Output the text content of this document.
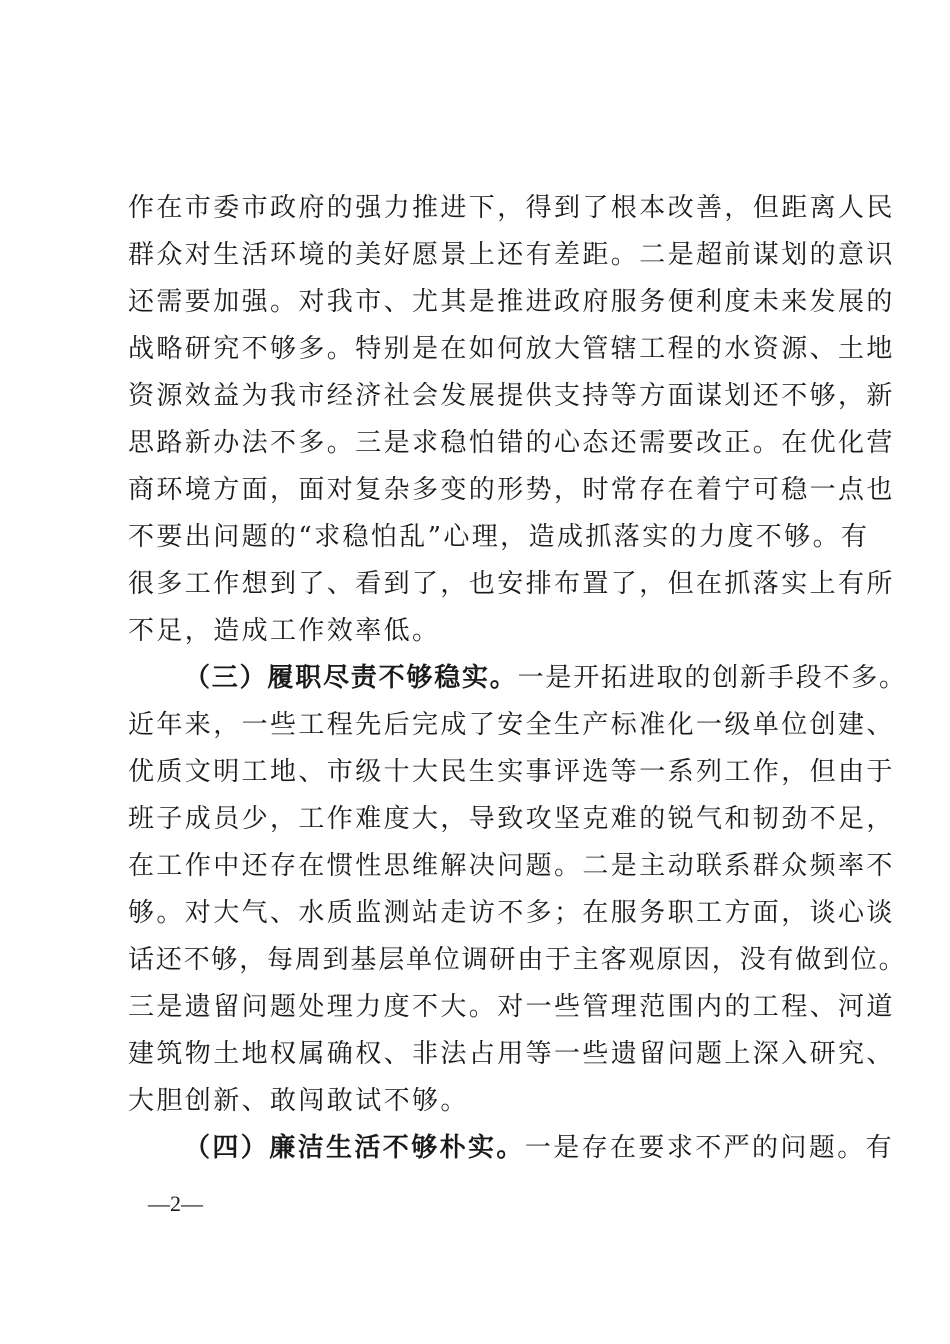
作在市委市政府的强力推进下，得到了根本改善，但距离人民
群众对生活环境的美好愿景上还有差距。二是超前谋划的意识
还需要加强。对我市、尤其是推进政府服务便利度未来发展的
战略研究不够多。特别是在如何放大管辖工程的水资源、土地
资源效益为我市经济社会发展提供支持等方面谋划还不够，新
思路新办法不多。三是求稳怕错的心态还需要改正。在优化营
商环境方面，面对复杂多变的形势，时常存在着宁可稳一点也
不要出问题的“求稳怕乱”心理，造成抓落实的力度不够。有
很多工作想到了、看到了，也安排布置了，但在抓落实上有所
不足，造成工作效率低。
（三）履职尽责不够稳实。一是开拓进取的创新手段不多。
近年来，一些工程先后完成了安全生产标准化一级单位创建、
优质文明工地、市级十大民生实事评选等一系列工作，但由于
班子成员少，工作难度大，导致攻坚克难的锐气和韧劲不足，
在工作中还存在惯性思维解决问题。二是主动联系群众频率不
够。对大气、水质监测站走访不多；在服务职工方面，谈心谈
话还不够，每周到基层单位调研由于主客观原因，没有做到位。
三是遗留问题处理力度不大。对一些管理范围内的工程、河道
建筑物土地权属确权、非法占用等一些遗留问题上深入研究、
大胆创新、敢闯敢试不够。
（四）廉洁生活不够朴实。一是存在要求不严的问题。有
—2—
